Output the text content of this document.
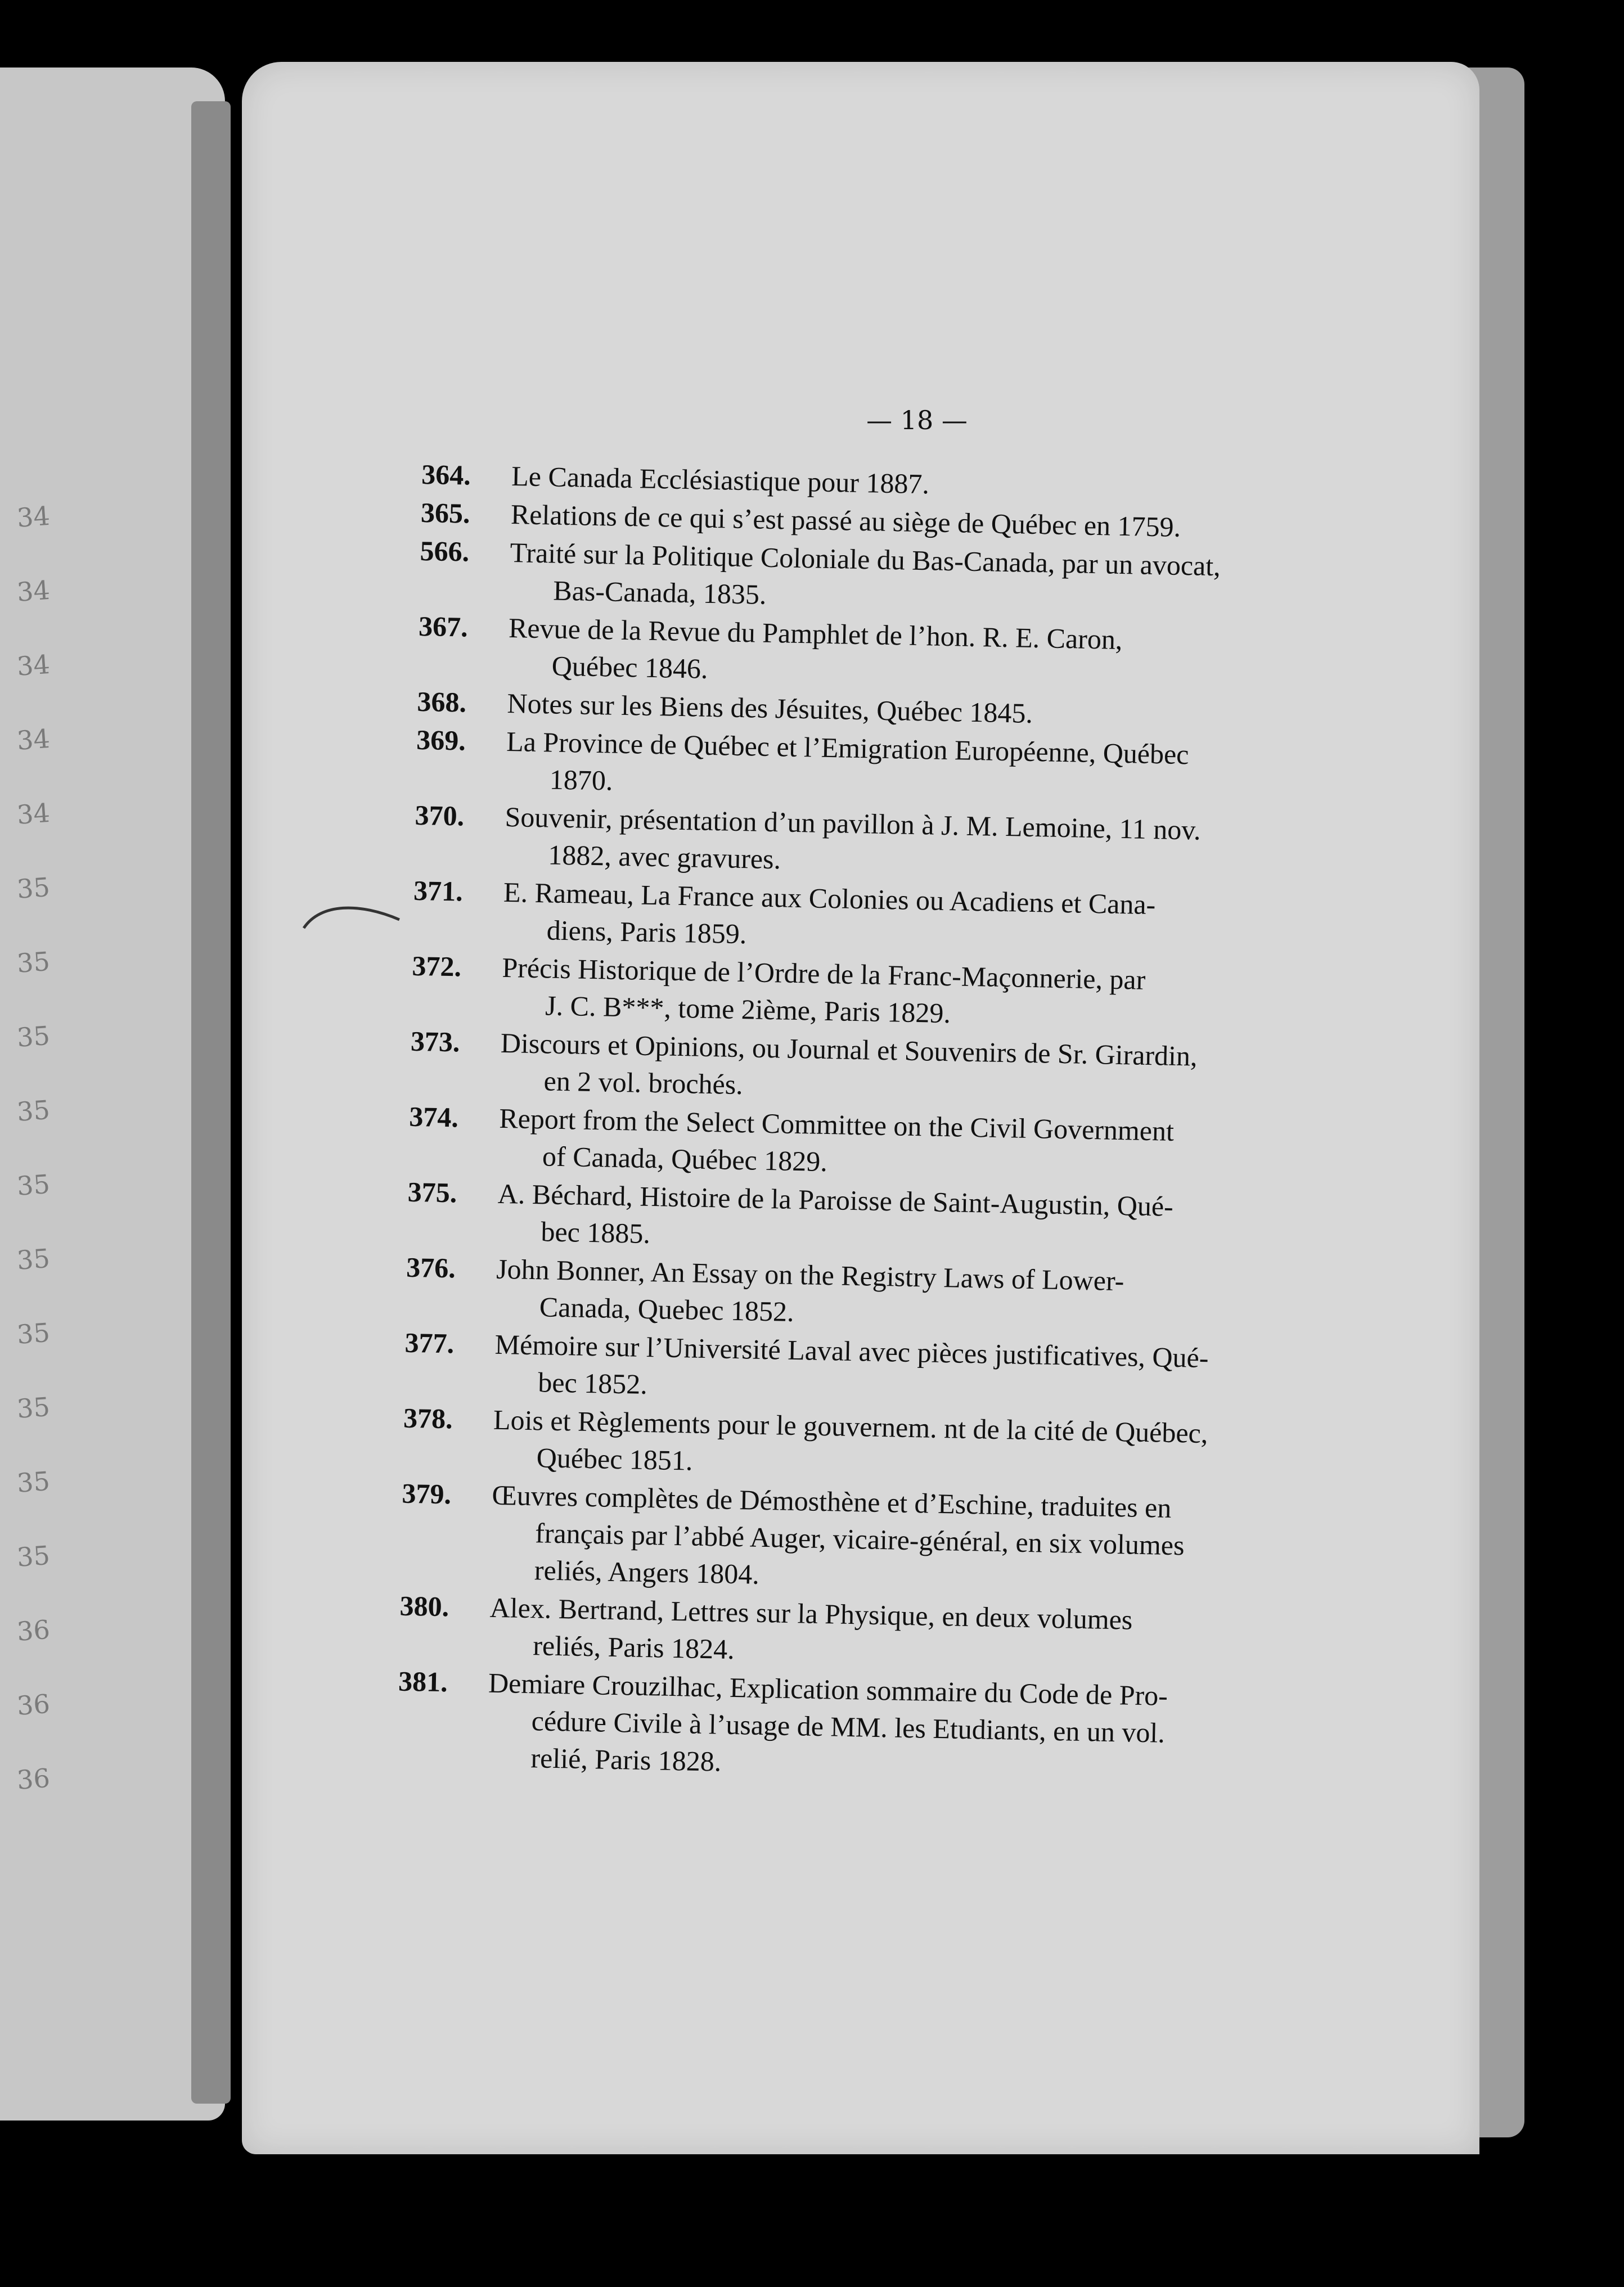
34
34
34
34
34
35
35
35
35
35
35
35
35
35
35
36
36
36
— 18 —
364.	Le Canada Ecclésiastique pour 1887.
365.	Relations de ce qui s’est passé au siège de Québec en 1759.
566.	Traité sur la Politique Coloniale du Bas-Canada, par un avocat,
Bas-Canada, 1835.
367.	Revue de la Revue du Pamphlet de l’hon. R. E. Caron,
Québec 1846.
368.	Notes sur les Biens des Jésuites, Québec 1845.
369.	La Province de Québec et l’Emigration Européenne, Québec
1870.
370.	Souvenir, présentation d’un pavillon à J. M. Lemoine, 11 nov.
1882, avec gravures.
371.	E. Rameau, La France aux Colonies ou Acadiens et Cana-
diens, Paris 1859.
372.	Précis Historique de l’Ordre de la Franc-Maçonnerie, par
J. C. B***, tome 2ième, Paris 1829.
373.	Discours et Opinions, ou Journal et Souvenirs de Sr. Girardin,
en 2 vol. brochés.
374.	Report from the Select Committee on the Civil Government
of Canada, Québec 1829.
375.	A. Béchard, Histoire de la Paroisse de Saint-Augustin, Qué-
bec 1885.
376.	John Bonner, An Essay on the Registry Laws of Lower-
Canada, Quebec 1852.
377.	Mémoire sur l’Université Laval avec pièces justificatives, Qué-
bec 1852.
378.	Lois et Règlements pour le gouvernem. nt de la cité de Québec,
Québec 1851.
379.	Œuvres complètes de Démosthène et d’Eschine, traduites en
français par l’abbé Auger, vicaire-général, en six volumes
reliés, Angers 1804.
380.	Alex. Bertrand, Lettres sur la Physique, en deux volumes
reliés, Paris 1824.
381.	Demiare Crouzilhac, Explication sommaire du Code de Pro-
cédure Civile à l’usage de MM. les Etudiants, en un vol.
relié, Paris 1828.
